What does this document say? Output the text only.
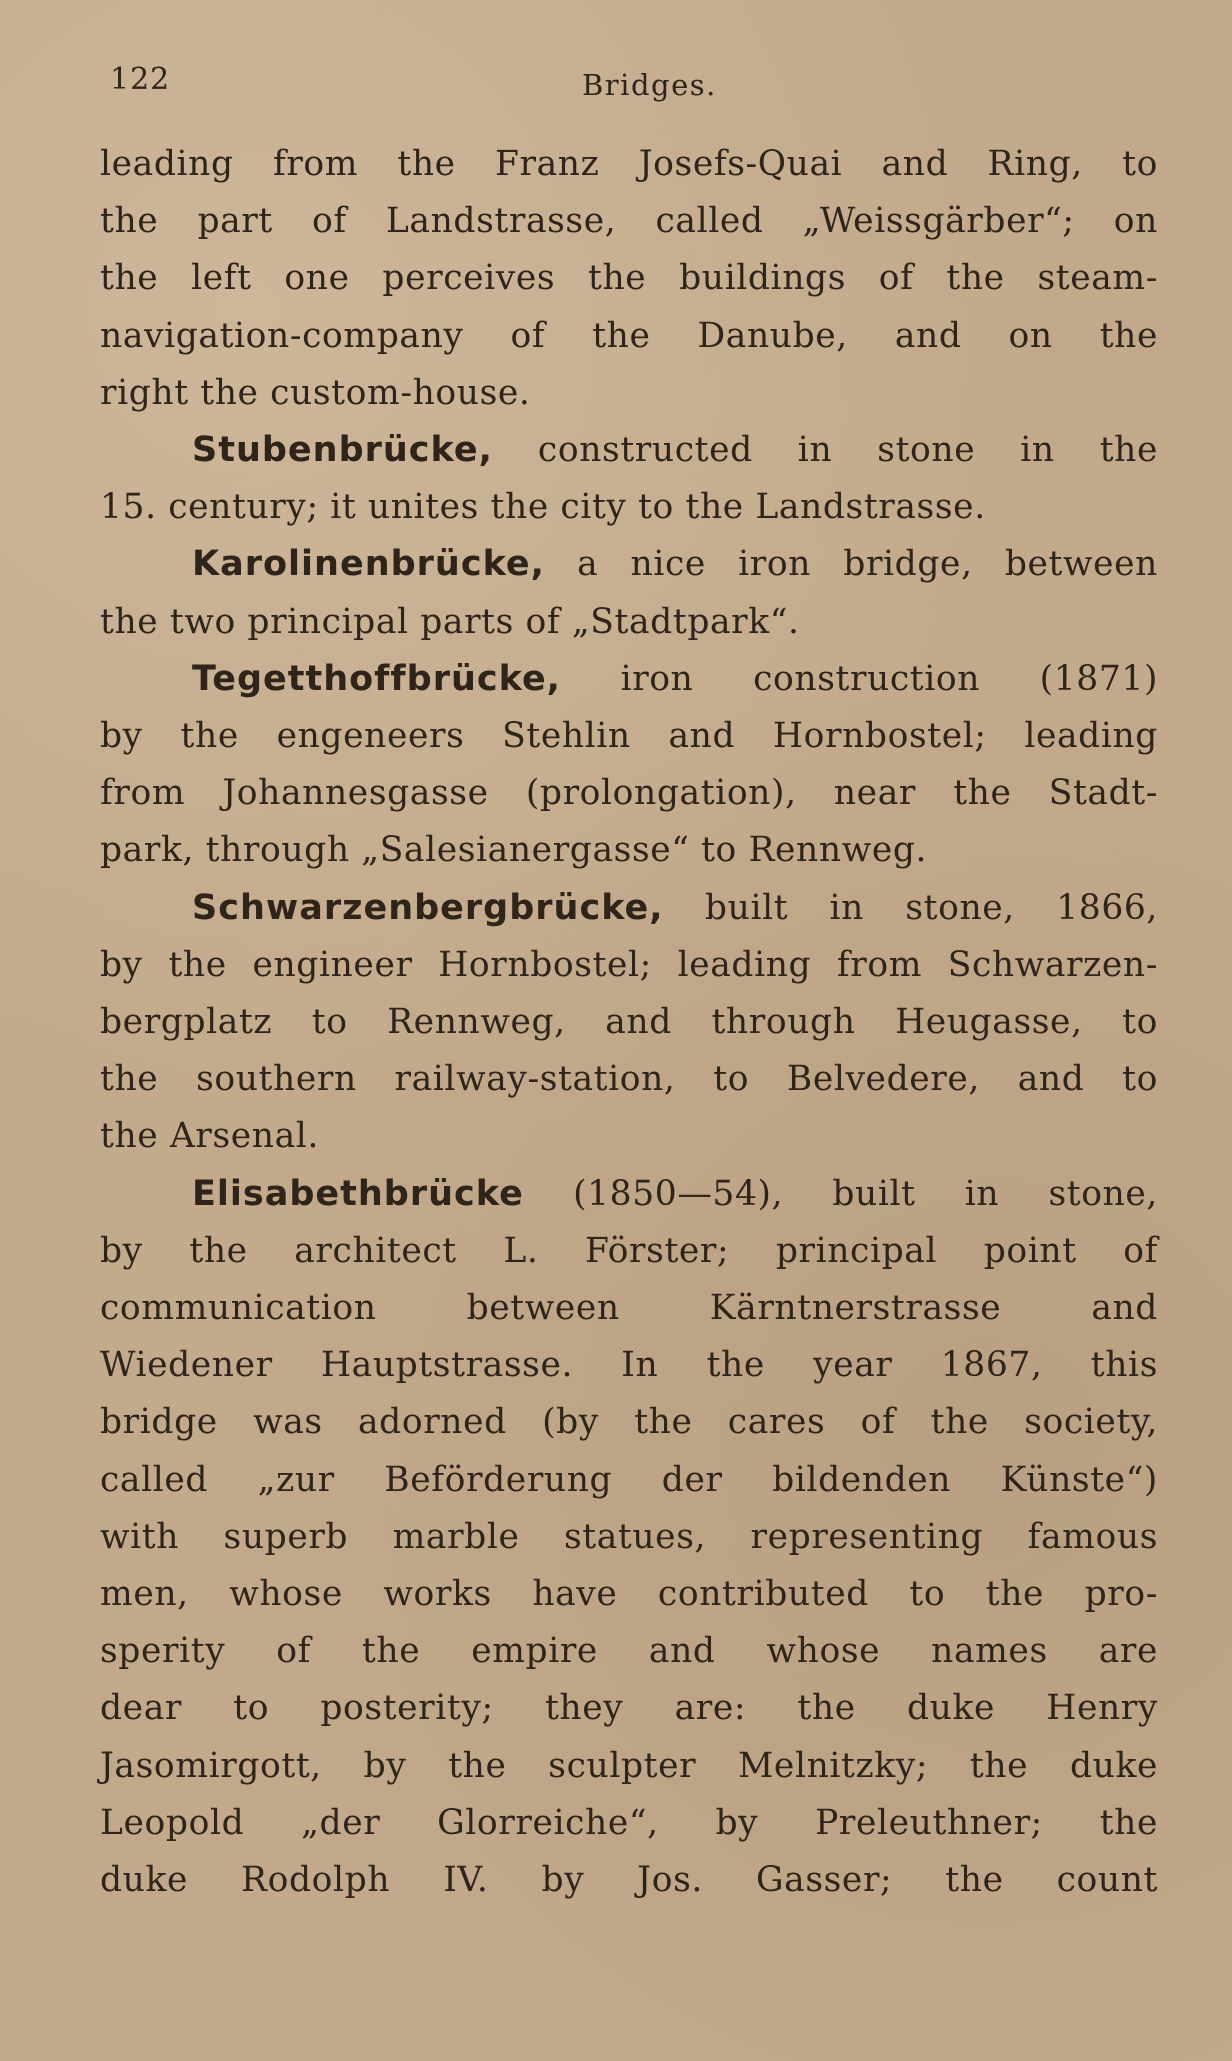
122	Bridges.
leading from the Franz Josefs-Quai and Ring, to
the part of Landstrasse, called „Weissgärber“; on
the left one perceives the buildings of the steam-
navigation-company of the Danube, and on the
right the custom-house.
Stubenbrücke, constructed in stone in the
15. century; it unites the city to the Landstrasse.
Karolinenbrücke, a nice iron bridge, between
the two principal parts of „Stadtpark“.
Tegetthoffbrücke, iron construction (1871)
by the engeneers Stehlin and Hornbostel; leading
from Johannesgasse (prolongation), near the Stadt-
park, through „Salesianergasse“ to Rennweg.
Schwarzenbergbrücke, built in stone, 1866,
by the engineer Hornbostel; leading from Schwarzen-
bergplatz to Rennweg, and through Heugasse, to
the southern railway-station, to Belvedere, and to
the Arsenal.
Elisabethbrücke (1850—54), built in stone,
by the architect L. Förster; principal point of
communication between Kärntnerstrasse and
Wiedener Hauptstrasse. In the year 1867, this
bridge was adorned (by the cares of the society,
called „zur Beförderung der bildenden Künste“)
with superb marble statues, representing famous
men, whose works have contributed to the pro-
sperity of the empire and whose names are
dear to posterity; they are: the duke Henry
Jasomirgott, by the sculpter Melnitzky; the duke
Leopold „der Glorreiche“, by Preleuthner; the
duke Rodolph IV. by Jos. Gasser; the count
